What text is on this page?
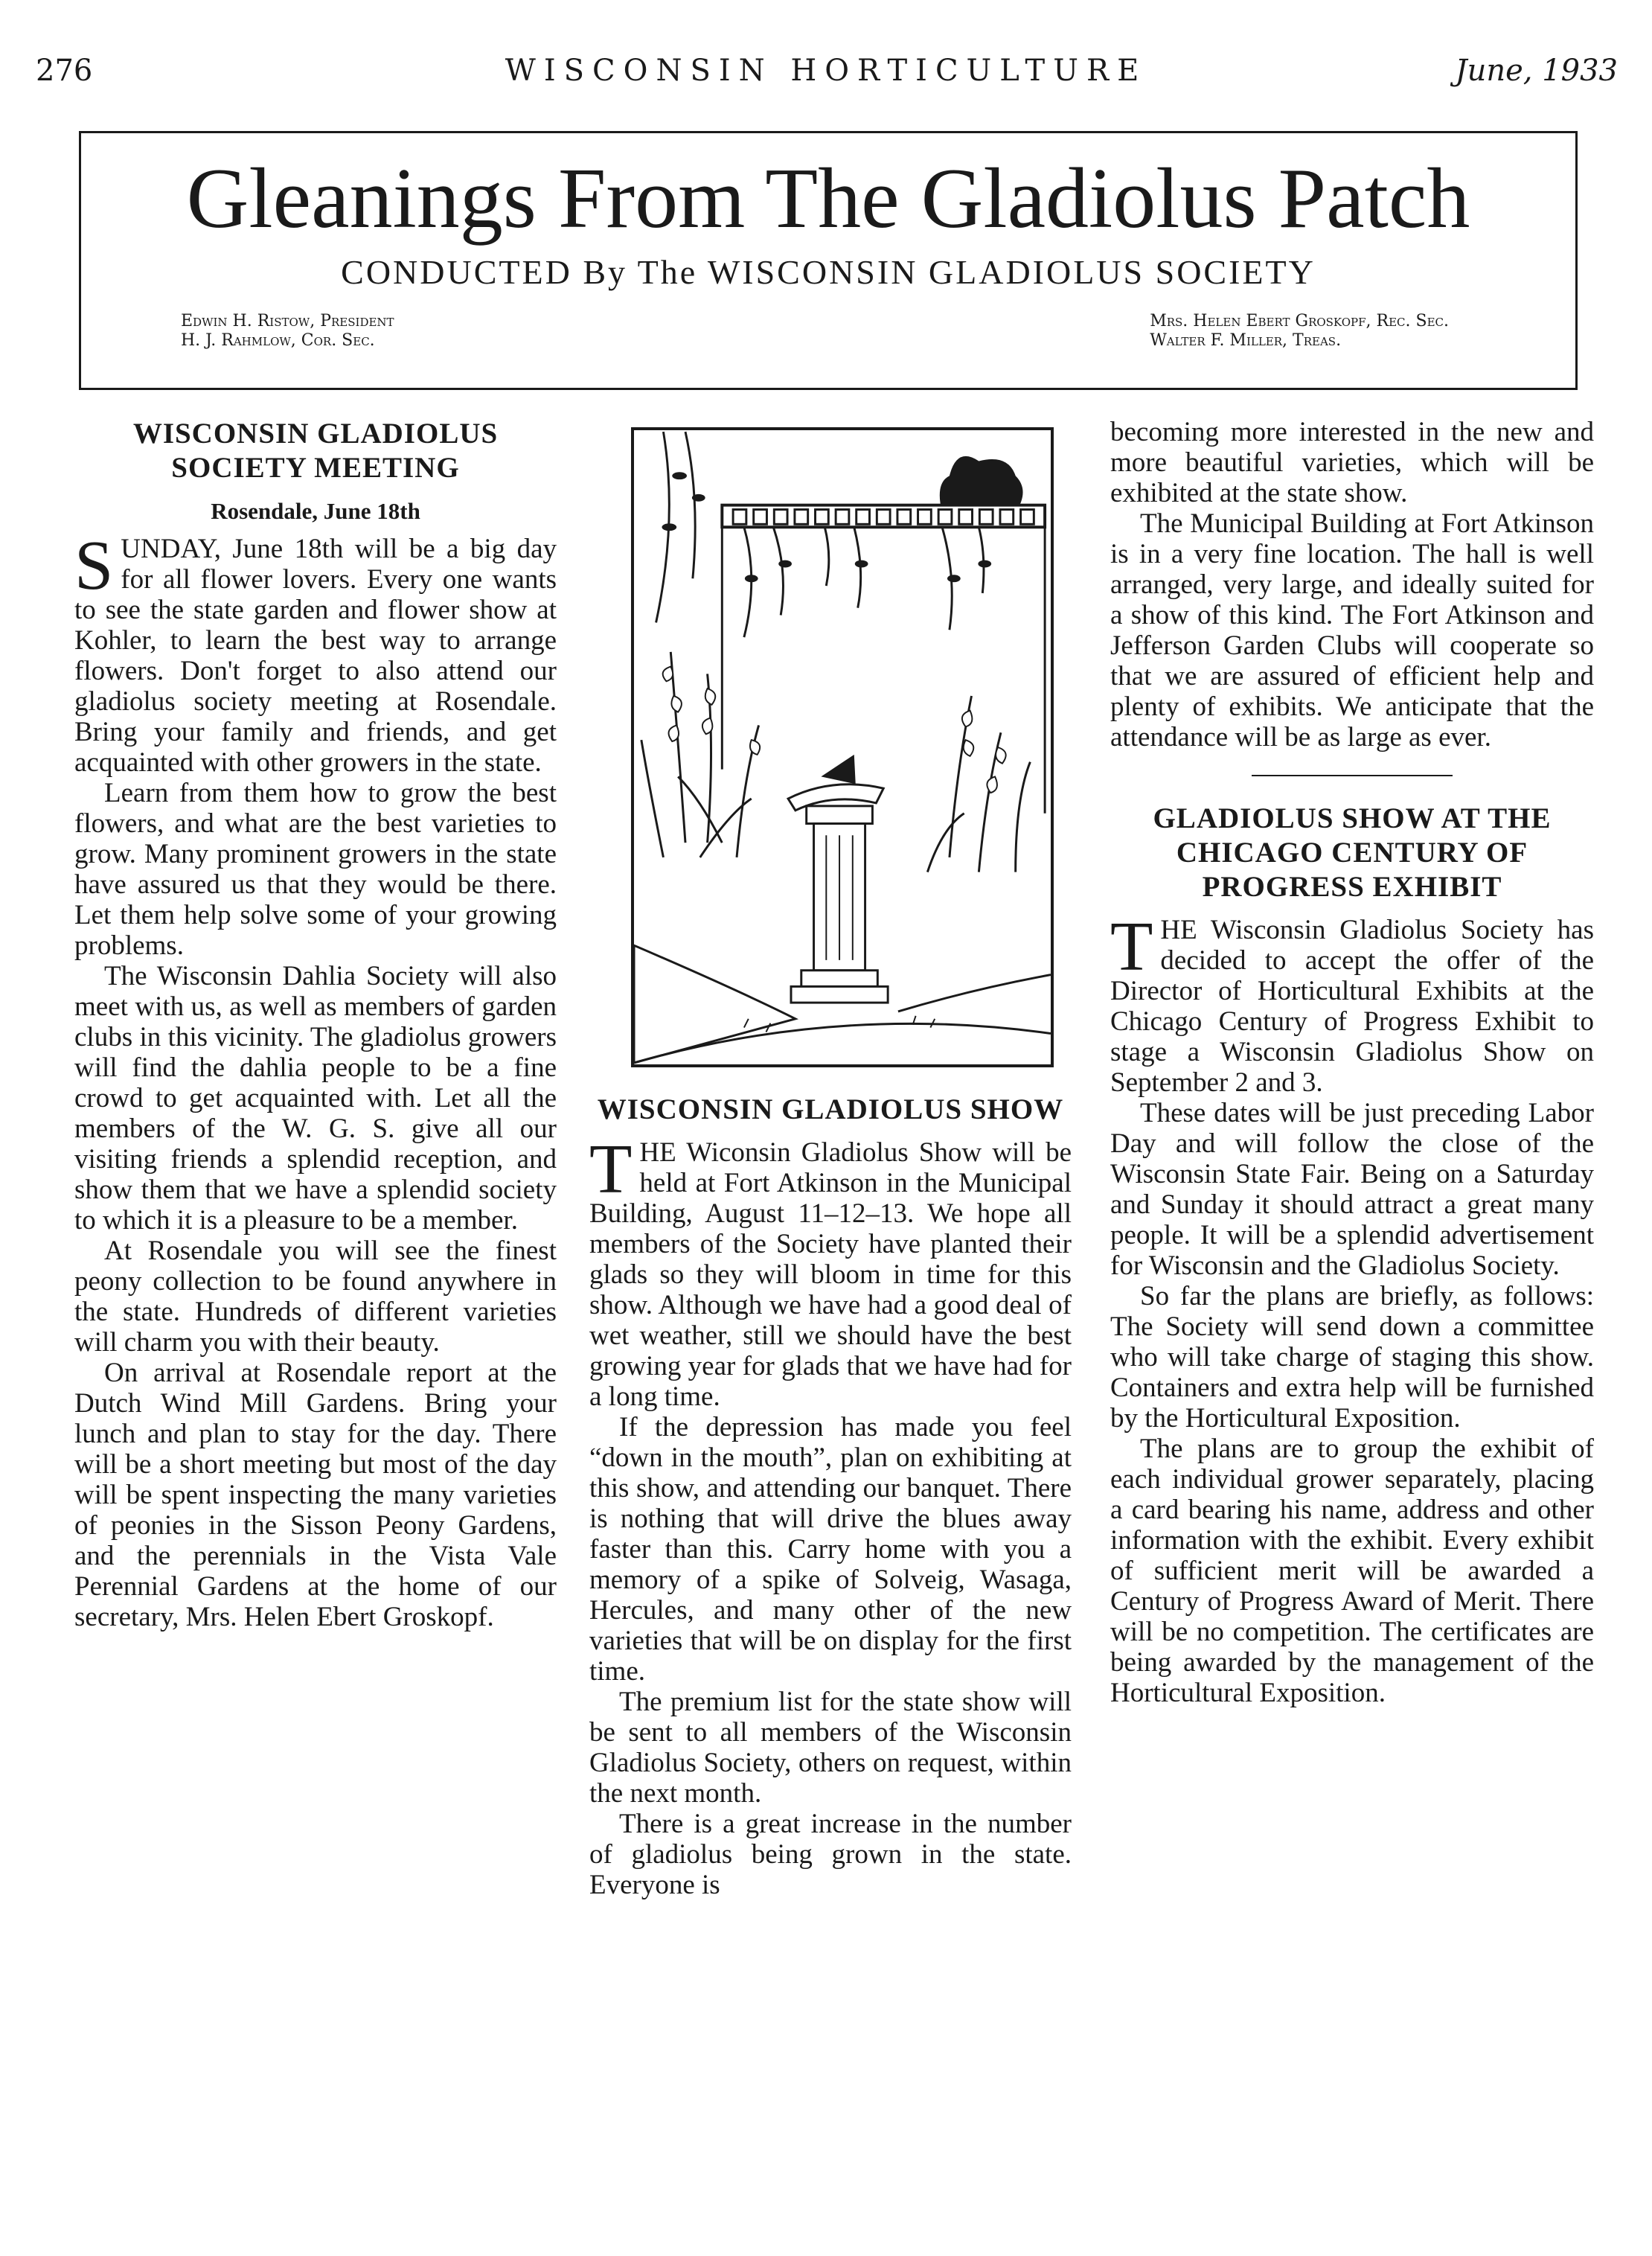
276	WISCONSIN HORTICULTURE	June, 1933
Gleanings From The Gladiolus Patch
CONDUCTED By The WISCONSIN GLADIOLUS SOCIETY
Edwin H. Ristow, President
H. J. Rahmlow, Cor. Sec.
Mrs. Helen Ebert Groskopf, Rec. Sec.
Walter F. Miller, Treas.
WISCONSIN GLADIOLUS SOCIETY MEETING
Rosendale, June 18th

SUNDAY, June 18th will be a big day for all flower lovers. Every one wants to see the state garden and flower show at Kohler, to learn the best way to arrange flowers. Don't forget to also attend our gladiolus society meeting at Rosendale. Bring your family and friends, and get acquainted with other growers in the state.

Learn from them how to grow the best flowers, and what are the best varieties to grow. Many prominent growers in the state have assured us that they would be there. Let them help solve some of your growing problems.

The Wisconsin Dahlia Society will also meet with us, as well as members of garden clubs in this vicinity. The gladiolus growers will find the dahlia people to be a fine crowd to get acquainted with. Let all the members of the W. G. S. give all our visiting friends a splendid reception, and show them that we have a splendid society to which it is a pleasure to be a member.

At Rosendale you will see the finest peony collection to be found anywhere in the state. Hundreds of different varieties will charm you with their beauty.

On arrival at Rosendale report at the Dutch Wind Mill Gardens. Bring your lunch and plan to stay for the day. There will be a short meeting but most of the day will be spent inspecting the many varieties of peonies in the Sisson Peony Gardens, and the perennials in the Vista Vale Perennial Gardens at the home of our secretary, Mrs. Helen Ebert Groskopf.

WISCONSIN GLADIOLUS SHOW

THE Wiconsin Gladiolus Show will be held at Fort Atkinson in the Municipal Building, August 11–12–13. We hope all members of the Society have planted their glads so they will bloom in time for this show. Although we have had a good deal of wet weather, still we should have the best growing year for glads that we have had for a long time.

If the depression has made you feel “down in the mouth”, plan on exhibiting at this show, and attending our banquet. There is nothing that will drive the blues away faster than this. Carry home with you a memory of a spike of Solveig, Wasaga, Hercules, and many other of the new varieties that will be on display for the first time.

The premium list for the state show will be sent to all members of the Wisconsin Gladiolus Society, others on request, within the next month.

There is a great increase in the number of gladiolus being grown in the state. Everyone is

becoming more interested in the new and more beautiful varieties, which will be exhibited at the state show.

The Municipal Building at Fort Atkinson is in a very fine location. The hall is well arranged, very large, and ideally suited for a show of this kind. The Fort Atkinson and Jefferson Garden Clubs will cooperate so that we are assured of efficient help and plenty of exhibits. We anticipate that the attendance will be as large as ever.

GLADIOLUS SHOW AT THE CHICAGO CENTURY OF PROGRESS EXHIBIT

THE Wisconsin Gladiolus Society has decided to accept the offer of the Director of Horticultural Exhibits at the Chicago Century of Progress Exhibit to stage a Wisconsin Gladiolus Show on September 2 and 3.

These dates will be just preceding Labor Day and will follow the close of the Wisconsin State Fair. Being on a Saturday and Sunday it should attract a great many people. It will be a splendid advertisement for Wisconsin and the Gladiolus Society.

So far the plans are briefly, as follows: The Society will send down a committee who will take charge of staging this show. Containers and extra help will be furnished by the Horticultural Exposition.

The plans are to group the exhibit of each individual grower separately, placing a card bearing his name, address and other information with the exhibit. Every exhibit of sufficient merit will be awarded a Century of Progress Award of Merit. There will be no competition. The certificates are being awarded by the management of the Horticultural Exposition.
